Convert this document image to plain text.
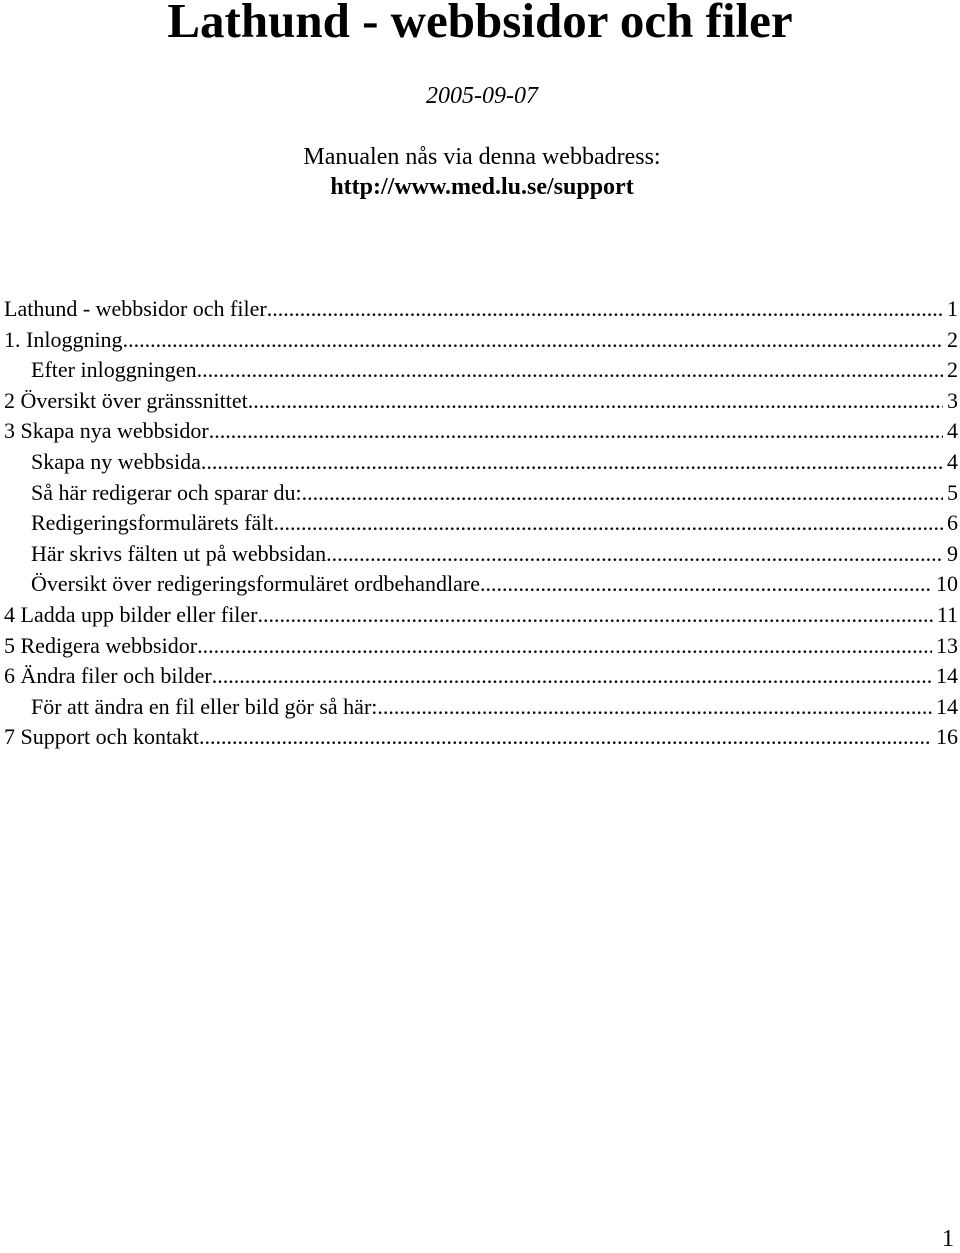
Lathund - webbsidor och filer
2005-09-07
Manualen nås via denna webbadress:
http://www.med.lu.se/support
Lathund - webbsidor och filer .....	1
1. Inloggning .....	2
Efter inloggningen .....	2
2 Översikt över gränssnittet .....	3
3 Skapa nya webbsidor .....	4
Skapa ny webbsida .....	4
Så här redigerar och sparar du: .....	5
Redigeringsformulärets fält .....	6
Här skrivs fälten ut på webbsidan .....	9
Översikt över redigeringsformuläret ordbehandlare .....	10
4 Ladda upp bilder eller filer .....	11
5 Redigera webbsidor .....	13
6 Ändra filer och bilder .....	14
För att ändra en fil eller bild gör så här: .....	14
7 Support och kontakt .....	16
1
